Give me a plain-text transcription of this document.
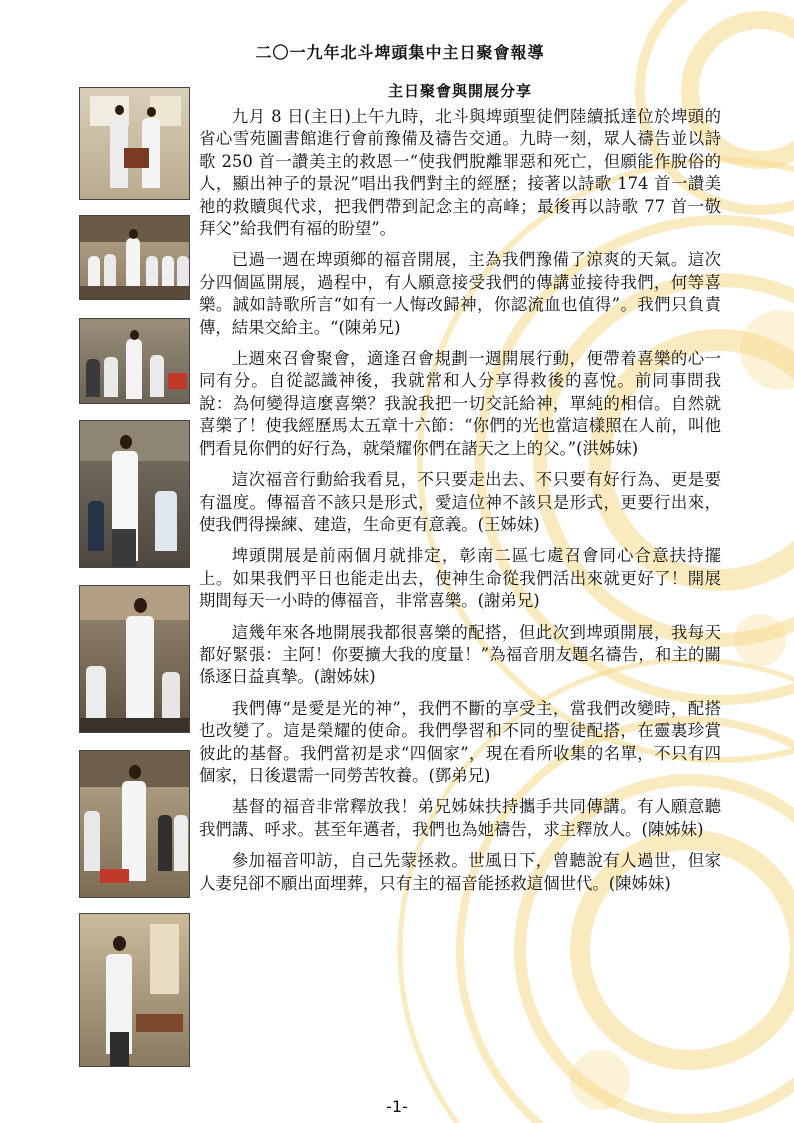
二〇一九年北斗埤頭集中主日聚會報導
主日聚會與開展分享

九月 8 日(主日)上午九時，北斗與埤頭聖徒們陸續抵達位於埤頭的省心雪苑圖書館進行會前豫備及禱告交通。九時一刻，眾人禱告並以詩歌 250 首一讚美主的救恩一“使我們脫離罪惡和死亡，但願能作脫俗的人，顯出神子的景況”唱出我們對主的經歷；接著以詩歌 174 首一讚美祂的救贖與代求，把我們帶到記念主的高峰；最後再以詩歌 77 首一敬拜父”給我們有福的盼望”。

已過一週在埤頭鄉的福音開展，主為我們豫備了涼爽的天氣。這次分四個區開展，過程中，有人願意接受我們的傳講並接待我們，何等喜樂。誠如詩歌所言“如有一人悔改歸神，你認流血也值得”。我們只負責傳，結果交給主。“(陳弟兄)

上週來召會聚會，適逢召會規劃一週開展行動，便帶着喜樂的心一同有分。自從認識神後，我就常和人分享得救後的喜悅。前同事問我說：為何變得這麼喜樂？我說我把一切交託給神，單純的相信。自然就喜樂了！使我經歷馬太五章十六節：“你們的光也當這樣照在人前，叫他們看見你們的好行為，就榮耀你們在諸天之上的父。”(洪姊妹)

這次福音行動給我看見，不只要走出去、不只要有好行為、更是要有溫度。傳福音不該只是形式，愛這位神不該只是形式，更要行出來，使我們得操練、建造，生命更有意義。(王姊妹)

埤頭開展是前兩個月就排定，彰南二區七處召會同心合意扶持擺上。如果我們平日也能走出去，使神生命從我們活出來就更好了！開展期間每天一小時的傳福音，非常喜樂。(謝弟兄)

這幾年來各地開展我都很喜樂的配搭，但此次到埤頭開展，我每天都好緊張：主阿！你要擴大我的度量！”為福音朋友題名禱告，和主的關係逐日益真摯。(謝姊妹)

我們傳“是愛是光的神”，我們不斷的享受主，當我們改變時，配搭也改變了。這是榮耀的使命。我們學習和不同的聖徒配搭，在靈裏珍賞彼此的基督。我們當初是求“四個家”，現在看所收集的名單，不只有四個家，日後還需一同勞苦牧養。(鄧弟兄)

基督的福音非常釋放我！弟兄姊妹扶持攜手共同傳講。有人願意聽我們講、呼求。甚至年邁者，我們也為她禱告，求主釋放人。(陳姊妹)

參加福音叩訪，自己先蒙拯救。世風日下，曾聽說有人過世，但家人妻兒卻不願出面埋葬，只有主的福音能拯救這個世代。(陳姊妹)

-1-
